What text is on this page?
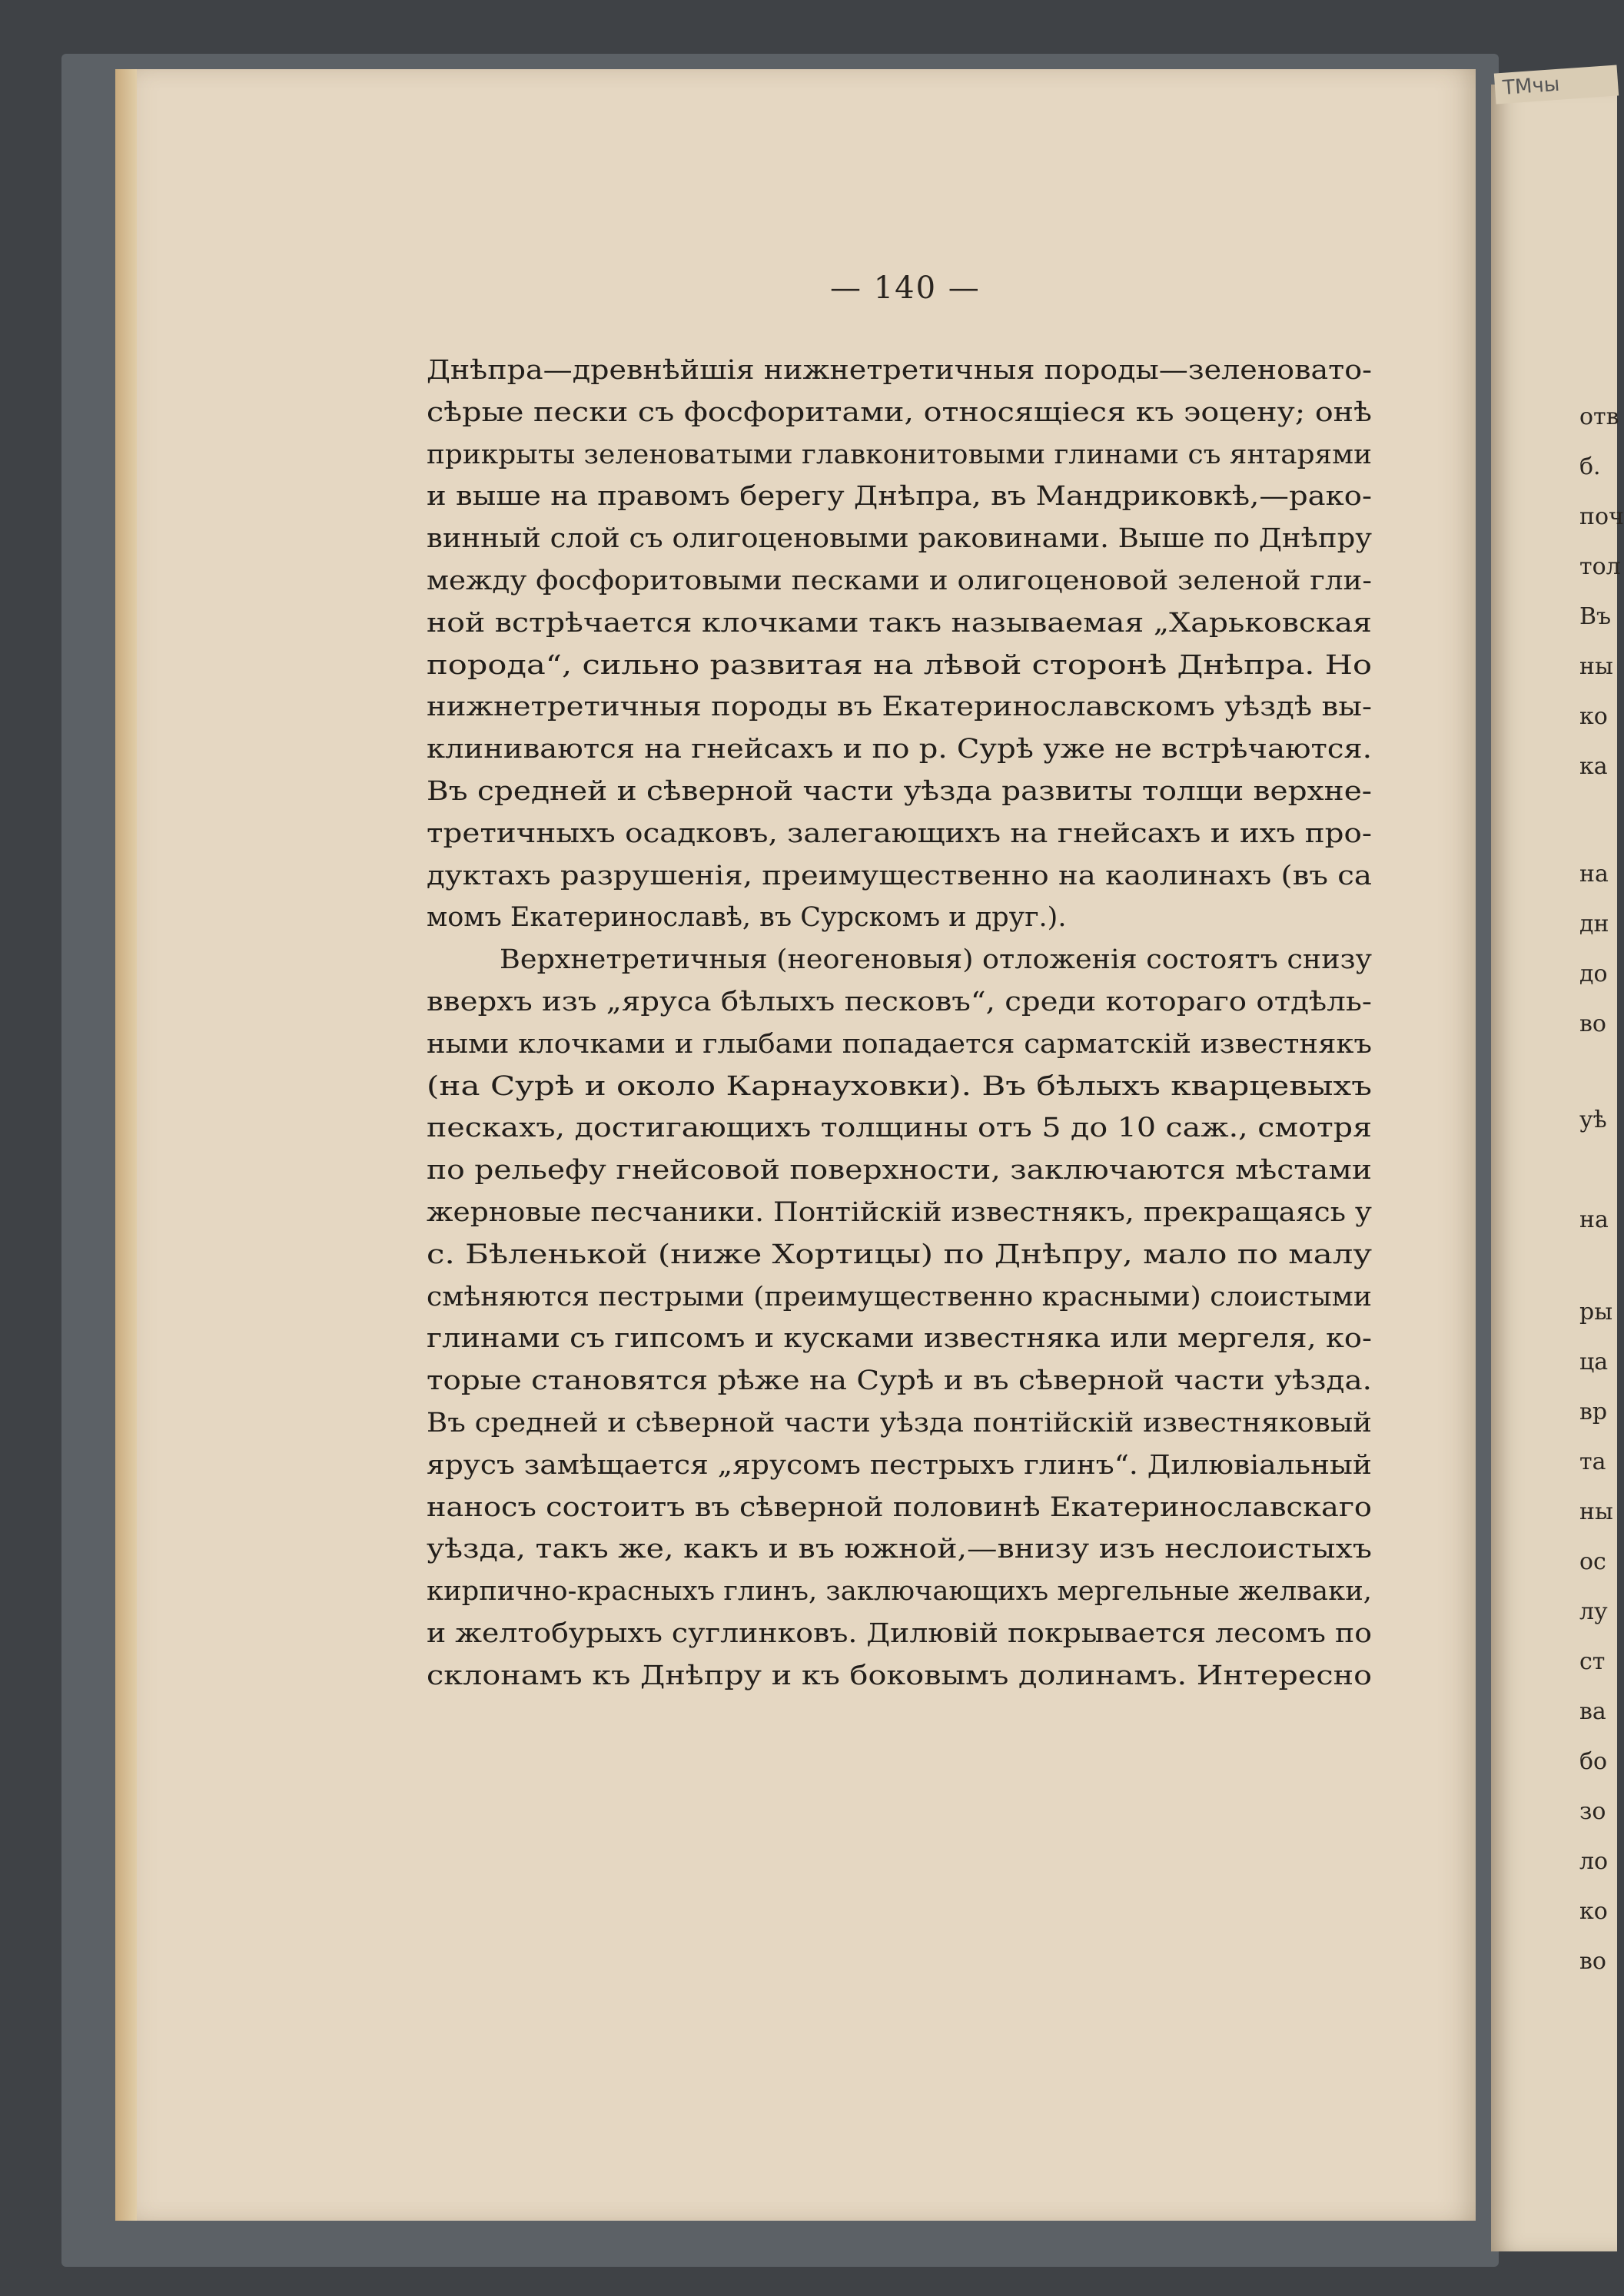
TMчы
— 140 —
Днѣпра—древнѣйшія нижнетретичныя породы—зеленовато-
сѣрые пески съ фосфоритами, относящіеся къ эоцену; онѣ
прикрыты зеленоватыми главконитовыми глинами съ янтарями
и выше на правомъ берегу Днѣпра, въ Мандриковкѣ,—рако-
винный слой съ олигоценовыми раковинами. Выше по Днѣпру
между фосфоритовыми песками и олигоценовой зеленой гли-
ной встрѣчается клочками такъ называемая „Харьковская
порода“, сильно развитая на лѣвой сторонѣ Днѣпра. Но
нижнетретичныя породы въ Екатеринославскомъ уѣздѣ вы-
клиниваются на гнейсахъ и по р. Сурѣ уже не встрѣчаются.
Въ средней и сѣверной части уѣзда развиты толщи верхне-
третичныхъ осадковъ, залегающихъ на гнейсахъ и ихъ про-
дуктахъ разрушенія, преимущественно на каолинахъ (въ са
момъ Екатеринославѣ, въ Сурскомъ и друг.).
Верхнетретичныя (неогеновыя) отложенія состоятъ снизу
вверхъ изъ „яруса бѣлыхъ песковъ“, среди котораго отдѣль-
ными клочками и глыбами попадается сарматскій известнякъ
(на Сурѣ и около Карнауховки). Въ бѣлыхъ кварцевыхъ
пескахъ, достигающихъ толщины отъ 5 до 10 саж., смотря
по рельефу гнейсовой поверхности, заключаются мѣстами
жерновые песчаники. Понтійскій известнякъ, прекращаясь у
с. Бѣленькой (ниже Хортицы) по Днѣпру, мало по малу
смѣняются пестрыми (преимущественно красными) слоистыми
глинами съ гипсомъ и кусками известняка или мергеля, ко-
торые становятся рѣже на Сурѣ и въ сѣверной части уѣзда.
Въ средней и сѣверной части уѣзда понтійскій известняковый
ярусъ замѣщается „ярусомъ пестрыхъ глинъ“. Дилювіальный
наносъ состоитъ въ сѣверной половинѣ Екатеринославскаго
уѣзда, такъ же, какъ и въ южной,—внизу изъ неслоистыхъ
кирпично-красныхъ глинъ, заключающихъ мергельные желваки,
и желтобурыхъ суглинковъ. Дилювій покрывается лесомъ по
склонамъ къ Днѣпру и къ боковымъ долинамъ. Интересно
отв
б.
поч
тол
Въ
ны
ко
ка
на
дн
до
во
уѣ
на
ры
ца
вр
та
ны
ос
лу
ст
ва
бо
зо
ло
ко
во
